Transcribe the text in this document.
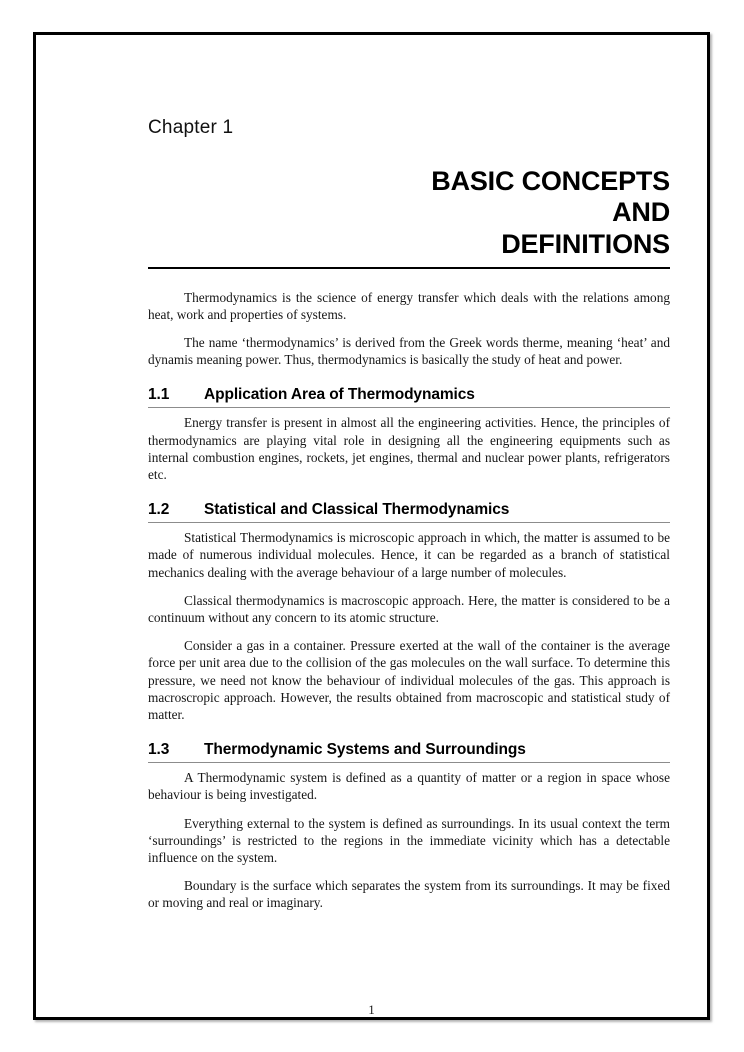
Chapter 1
BASIC CONCEPTS
AND
DEFINITIONS

Thermodynamics is the science of energy transfer which deals with the relations among heat, work and properties of systems.

The name ‘thermodynamics’ is derived from the Greek words therme, meaning ‘heat’ and dynamis meaning power. Thus, thermodynamics is basically the study of heat and power.

1.1	Application Area of Thermodynamics

Energy transfer is present in almost all the engineering activities. Hence, the principles of thermodynamics are playing vital role in designing all the engineering equipments such as internal combustion engines, rockets, jet engines, thermal and nuclear power plants, refrigerators etc.

1.2	Statistical and Classical Thermodynamics

Statistical Thermodynamics is microscopic approach in which, the matter is assumed to be made of numerous individual molecules. Hence, it can be regarded as a branch of statistical mechanics dealing with the average behaviour of a large number of molecules.

Classical thermodynamics is macroscopic approach. Here, the matter is considered to be a continuum without any concern to its atomic structure.

Consider a gas in a container. Pressure exerted at the wall of the container is the average force per unit area due to the collision of the gas molecules on the wall surface. To determine this pressure, we need not know the behaviour of individual molecules of the gas. This approach is macroscropic approach. However, the results obtained from macroscopic and statistical study of matter.

1.3	Thermodynamic Systems and Surroundings

A Thermodynamic system is defined as a quantity of matter or a region in space whose behaviour is being investigated.

Everything external to the system is defined as surroundings. In its usual context the term ‘surroundings’ is restricted to the regions in the immediate vicinity which has a detectable influence on the system.

Boundary is the surface which separates the system from its surroundings. It may be fixed or moving and real or imaginary.

1
